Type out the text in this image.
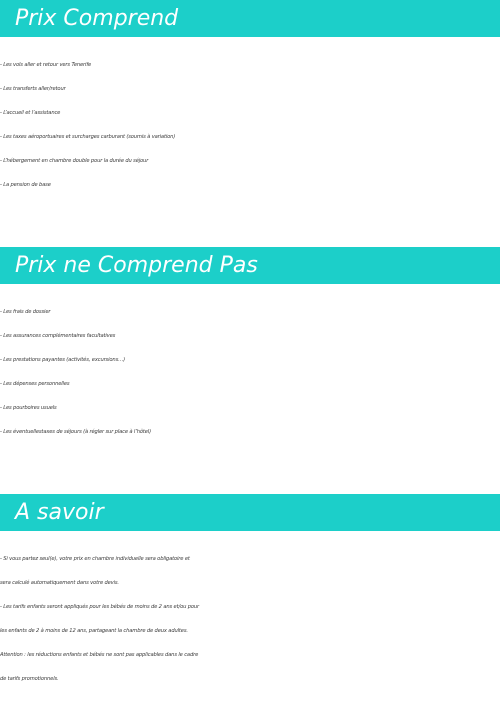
Prix Comprend
- Les vols aller et retour vers Tenerife
- Les transferts aller/retour
- L’accueil et l’assistance
- Les taxes aéroportuaires et surcharges carburant (soumis à variation)
- L’hébergement en chambre double pour la durée du séjour
- La pension de base
Prix ne Comprend Pas
- Les frais de dossier
- Les assurances complémentaires facultatives
- Les prestations payantes (activités, excursions…)
- Les dépenses personnelles
- Les pourboires usuels
- Les éventuellestaxes de séjours (à régler sur place à l’hôtel)
A savoir
- Si vous partez seul(e), votre prix en chambre individuelle sera obligatoire et
sera calculé automatiquement dans votre devis.
- Les tarifs enfants seront appliqués pour les bébés de moins de 2 ans et/ou pour
les enfants de 2 à moins de 12 ans, partageant la chambre de deux adultes.
Attention : les réductions enfants et bébés ne sont pas applicables dans le cadre
de tarifs promotionnels.
